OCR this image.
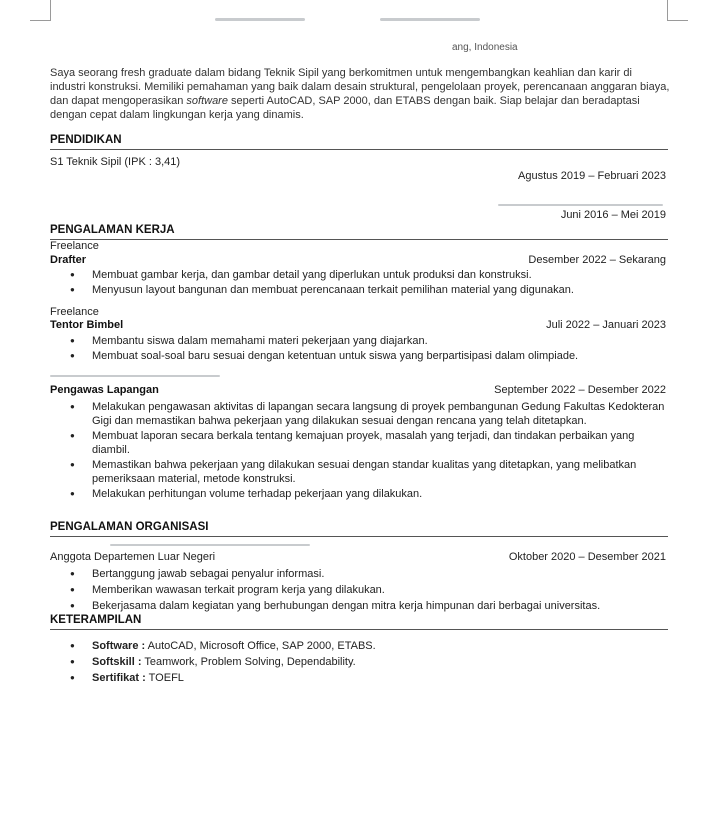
ang, Indonesia

Saya seorang fresh graduate dalam bidang Teknik Sipil yang berkomitmen untuk mengembangkan keahlian dan karir di industri konstruksi. Memiliki pemahaman yang baik dalam desain struktural, pengelolaan proyek, perencanaan anggaran biaya, dan dapat mengoperasikan software seperti AutoCAD, SAP 2000, dan ETABS dengan baik. Siap belajar dan beradaptasi dengan cepat dalam lingkungan kerja yang dinamis.

PENDIDIKAN
S1 Teknik Sipil (IPK : 3,41)
Agustus 2019 – Februari 2023
Juni 2016 – Mei 2019
PENGALAMAN KERJA
Freelance
Drafter	Desember 2022 – Sekarang
● Membuat gambar kerja, dan gambar detail yang diperlukan untuk produksi dan konstruksi.
● Menyusun layout bangunan dan membuat perencanaan terkait pemilihan material yang digunakan.
Freelance
Tentor Bimbel	Juli 2022 – Januari 2023
● Membantu siswa dalam memahami materi pekerjaan yang diajarkan.
● Membuat soal-soal baru sesuai dengan ketentuan untuk siswa yang berpartisipasi dalam olimpiade.
Pengawas Lapangan	September 2022 – Desember 2022
● Melakukan pengawasan aktivitas di lapangan secara langsung di proyek pembangunan Gedung Fakultas Kedokteran Gigi dan memastikan bahwa pekerjaan yang dilakukan sesuai dengan rencana yang telah ditetapkan.
● Membuat laporan secara berkala tentang kemajuan proyek, masalah yang terjadi, dan tindakan perbaikan yang diambil.
● Memastikan bahwa pekerjaan yang dilakukan sesuai dengan standar kualitas yang ditetapkan, yang melibatkan pemeriksaan material, metode konstruksi.
● Melakukan perhitungan volume terhadap pekerjaan yang dilakukan.
PENGALAMAN ORGANISASI
Anggota Departemen Luar Negeri	Oktober 2020 – Desember 2021
● Bertanggung jawab sebagai penyalur informasi.
● Memberikan wawasan terkait program kerja yang dilakukan.
● Bekerjasama dalam kegiatan yang berhubungan dengan mitra kerja himpunan dari berbagai universitas.
KETERAMPILAN
● Software : AutoCAD, Microsoft Office, SAP 2000, ETABS.
● Softskill : Teamwork, Problem Solving, Dependability.
● Sertifikat : TOEFL
